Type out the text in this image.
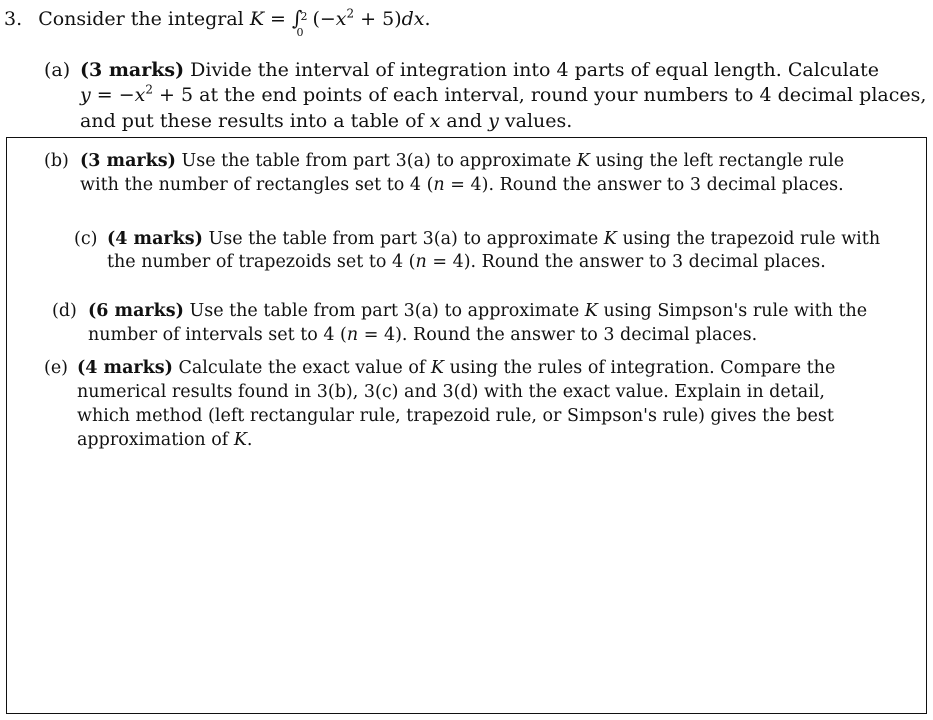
3. Consider the integral K = ∫
2
0
$(-x^2 + 5)dx$.
(a) (3 marks) Divide the interval of integration into 4 parts of equal length. Calculate
$y = -x^2 + 5$ at the end points of each interval, round your numbers to 4 decimal places,
and put these results into a table of x and y values.
(b) (3 marks) Use the table from part 3(a) to approximate K using the left rectangle rule
with the number of rectangles set to 4 (n = 4). Round the answer to 3 decimal places.
(c) (4 marks) Use the table from part 3(a) to approximate K using the trapezoid rule with
the number of trapezoids set to 4 (n = 4). Round the answer to 3 decimal places.
(d) (6 marks) Use the table from part 3(a) to approximate K using Simpson's rule with the
number of intervals set to 4 (n = 4). Round the answer to 3 decimal places.
(e) (4 marks) Calculate the exact value of K using the rules of integration. Compare the
numerical results found in 3(b), 3(c) and 3(d) with the exact value. Explain in detail,
which method (left rectangular rule, trapezoid rule, or Simpson's rule) gives the best
approximation of K.
